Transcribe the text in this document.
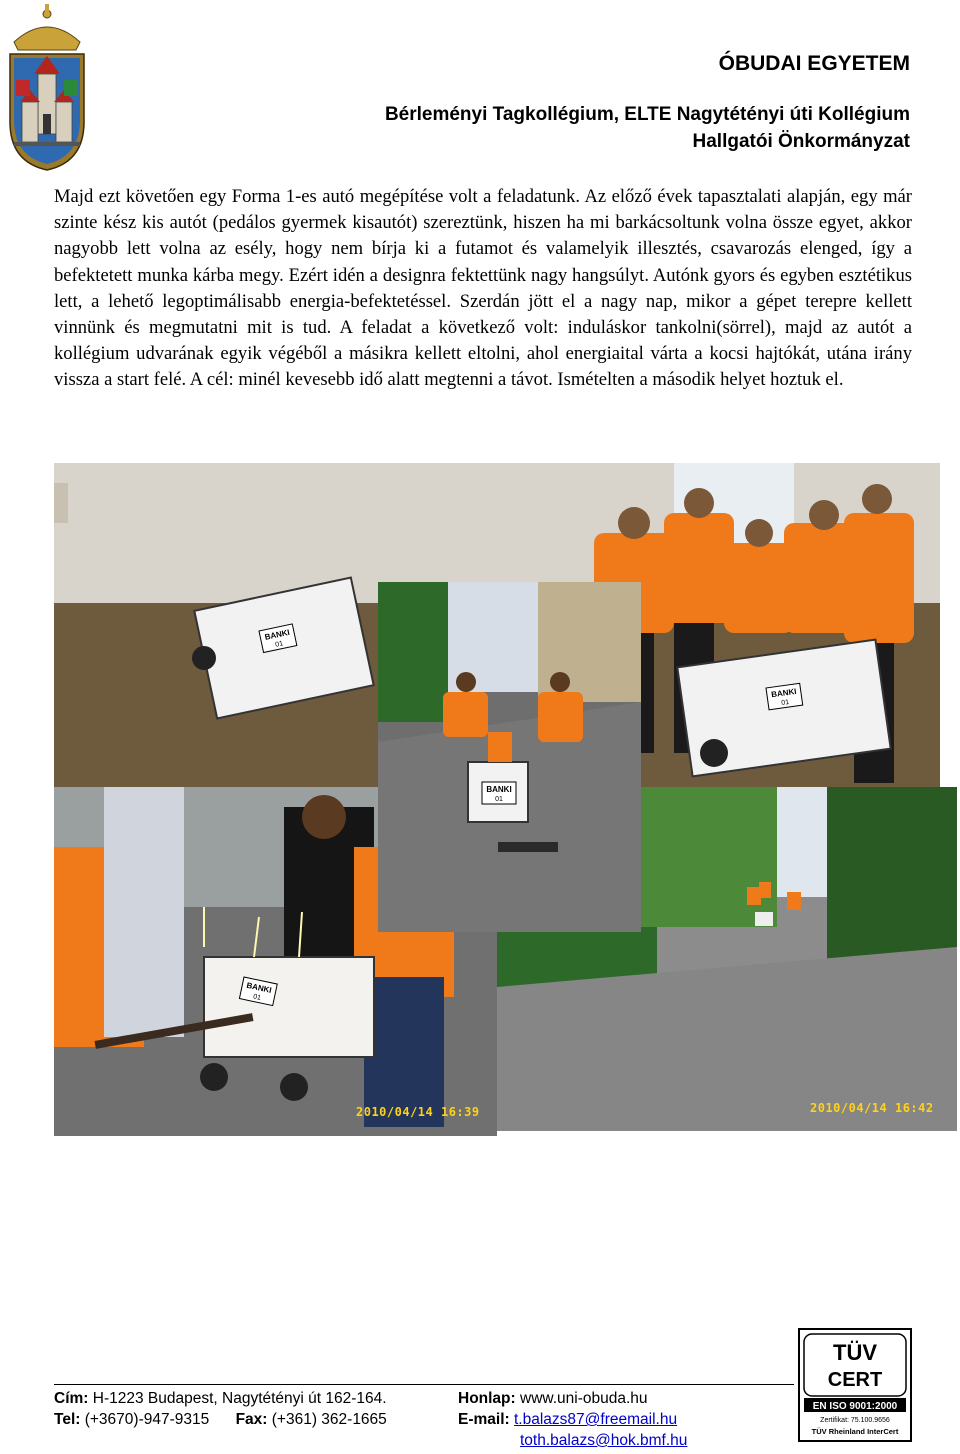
ÓBUDAI EGYETEM
Bérleményi Tagkollégium, ELTE Nagytétényi úti Kollégium
Hallgatói Önkormányzat
Majd ezt követően egy Forma 1-es autó megépítése volt a feladatunk. Az előző évek tapasztalati alapján, egy már szinte kész kis autót (pedálos gyermek kisautót) szereztünk, hiszen ha mi barkácsoltunk volna össze egyet, akkor nagyobb lett volna az esély, hogy nem bírja ki a futamot és valamelyik illesztés, csavarozás elenged, így a befektetett munka kárba megy. Ezért idén a designra fektettünk nagy hangsúlyt. Autónk gyors és egyben esztétikus lett, a lehető legoptimálisabb energia-befektetéssel. Szerdán jött el a nagy nap, mikor a gépet terepre kellett vinnünk és megmutatni mit is tud. A feladat a következő volt: induláskor tankolni(sörrel), majd az autót a kollégium udvarának egyik végéből a másikra kellett eltolni, ahol energiaital várta a kocsi hajtókát, utána irány vissza a start felé. A cél: minél kevesebb idő alatt megtenni a távot. Ismételten a második helyet hoztuk el.
BANKI
01
BANKI
01
BANKI
01
2010/04/14 16:39	2010/04/14 16:42
BANKI
01
Cím: H-1223 Budapest, Nagytétényi út 162-164.
Tel: (+3670)-947-9315 Fax: (+361) 362-1665
Honlap: www.uni-obuda.hu
E-mail: t.balazs87@freemail.hu
toth.balazs@hok.bmf.hu
TÜV
CERT
EN ISO 9001:2000
Zertifikat: 75.100.9656
TÜV Rheinland InterCert
